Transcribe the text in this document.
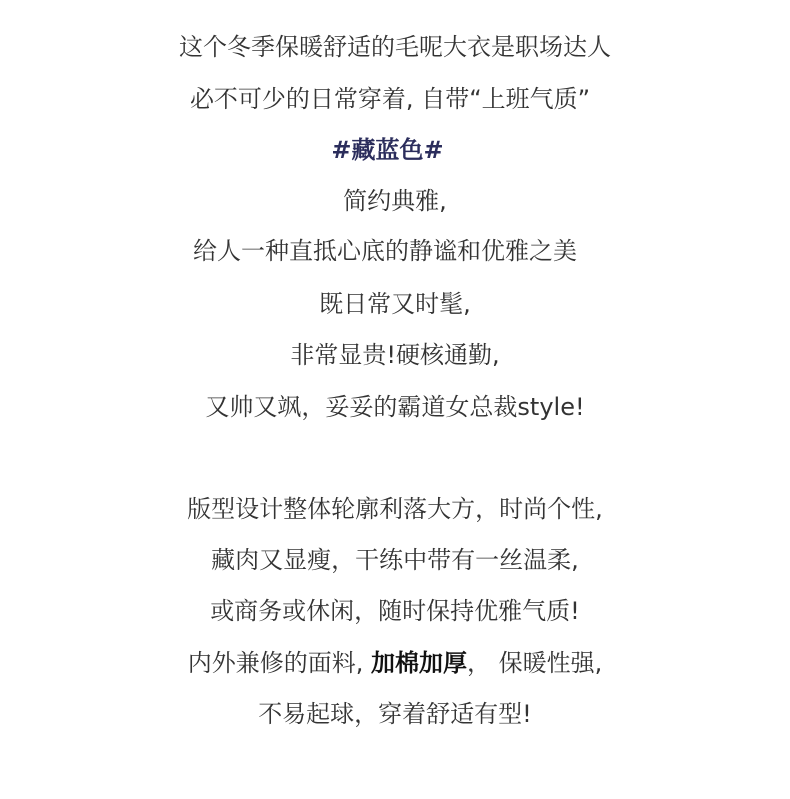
这个冬季保暖舒适的毛呢大衣是职场达人
必不可少的日常穿着, 自带“上班气质”
#藏蓝色#
简约典雅,
给人一种直抵心底的静谧和优雅之美
既日常又时髦,
非常显贵!硬核通勤,
又帅又飒，妥妥的霸道女总裁style!
版型设计整体轮廓利落大方，时尚个性,
藏肉又显瘦，干练中带有一丝温柔,
或商务或休闲，随时保持优雅气质!
内外兼修的面料, 加棉加厚， 保暖性强,
不易起球，穿着舒适有型!
